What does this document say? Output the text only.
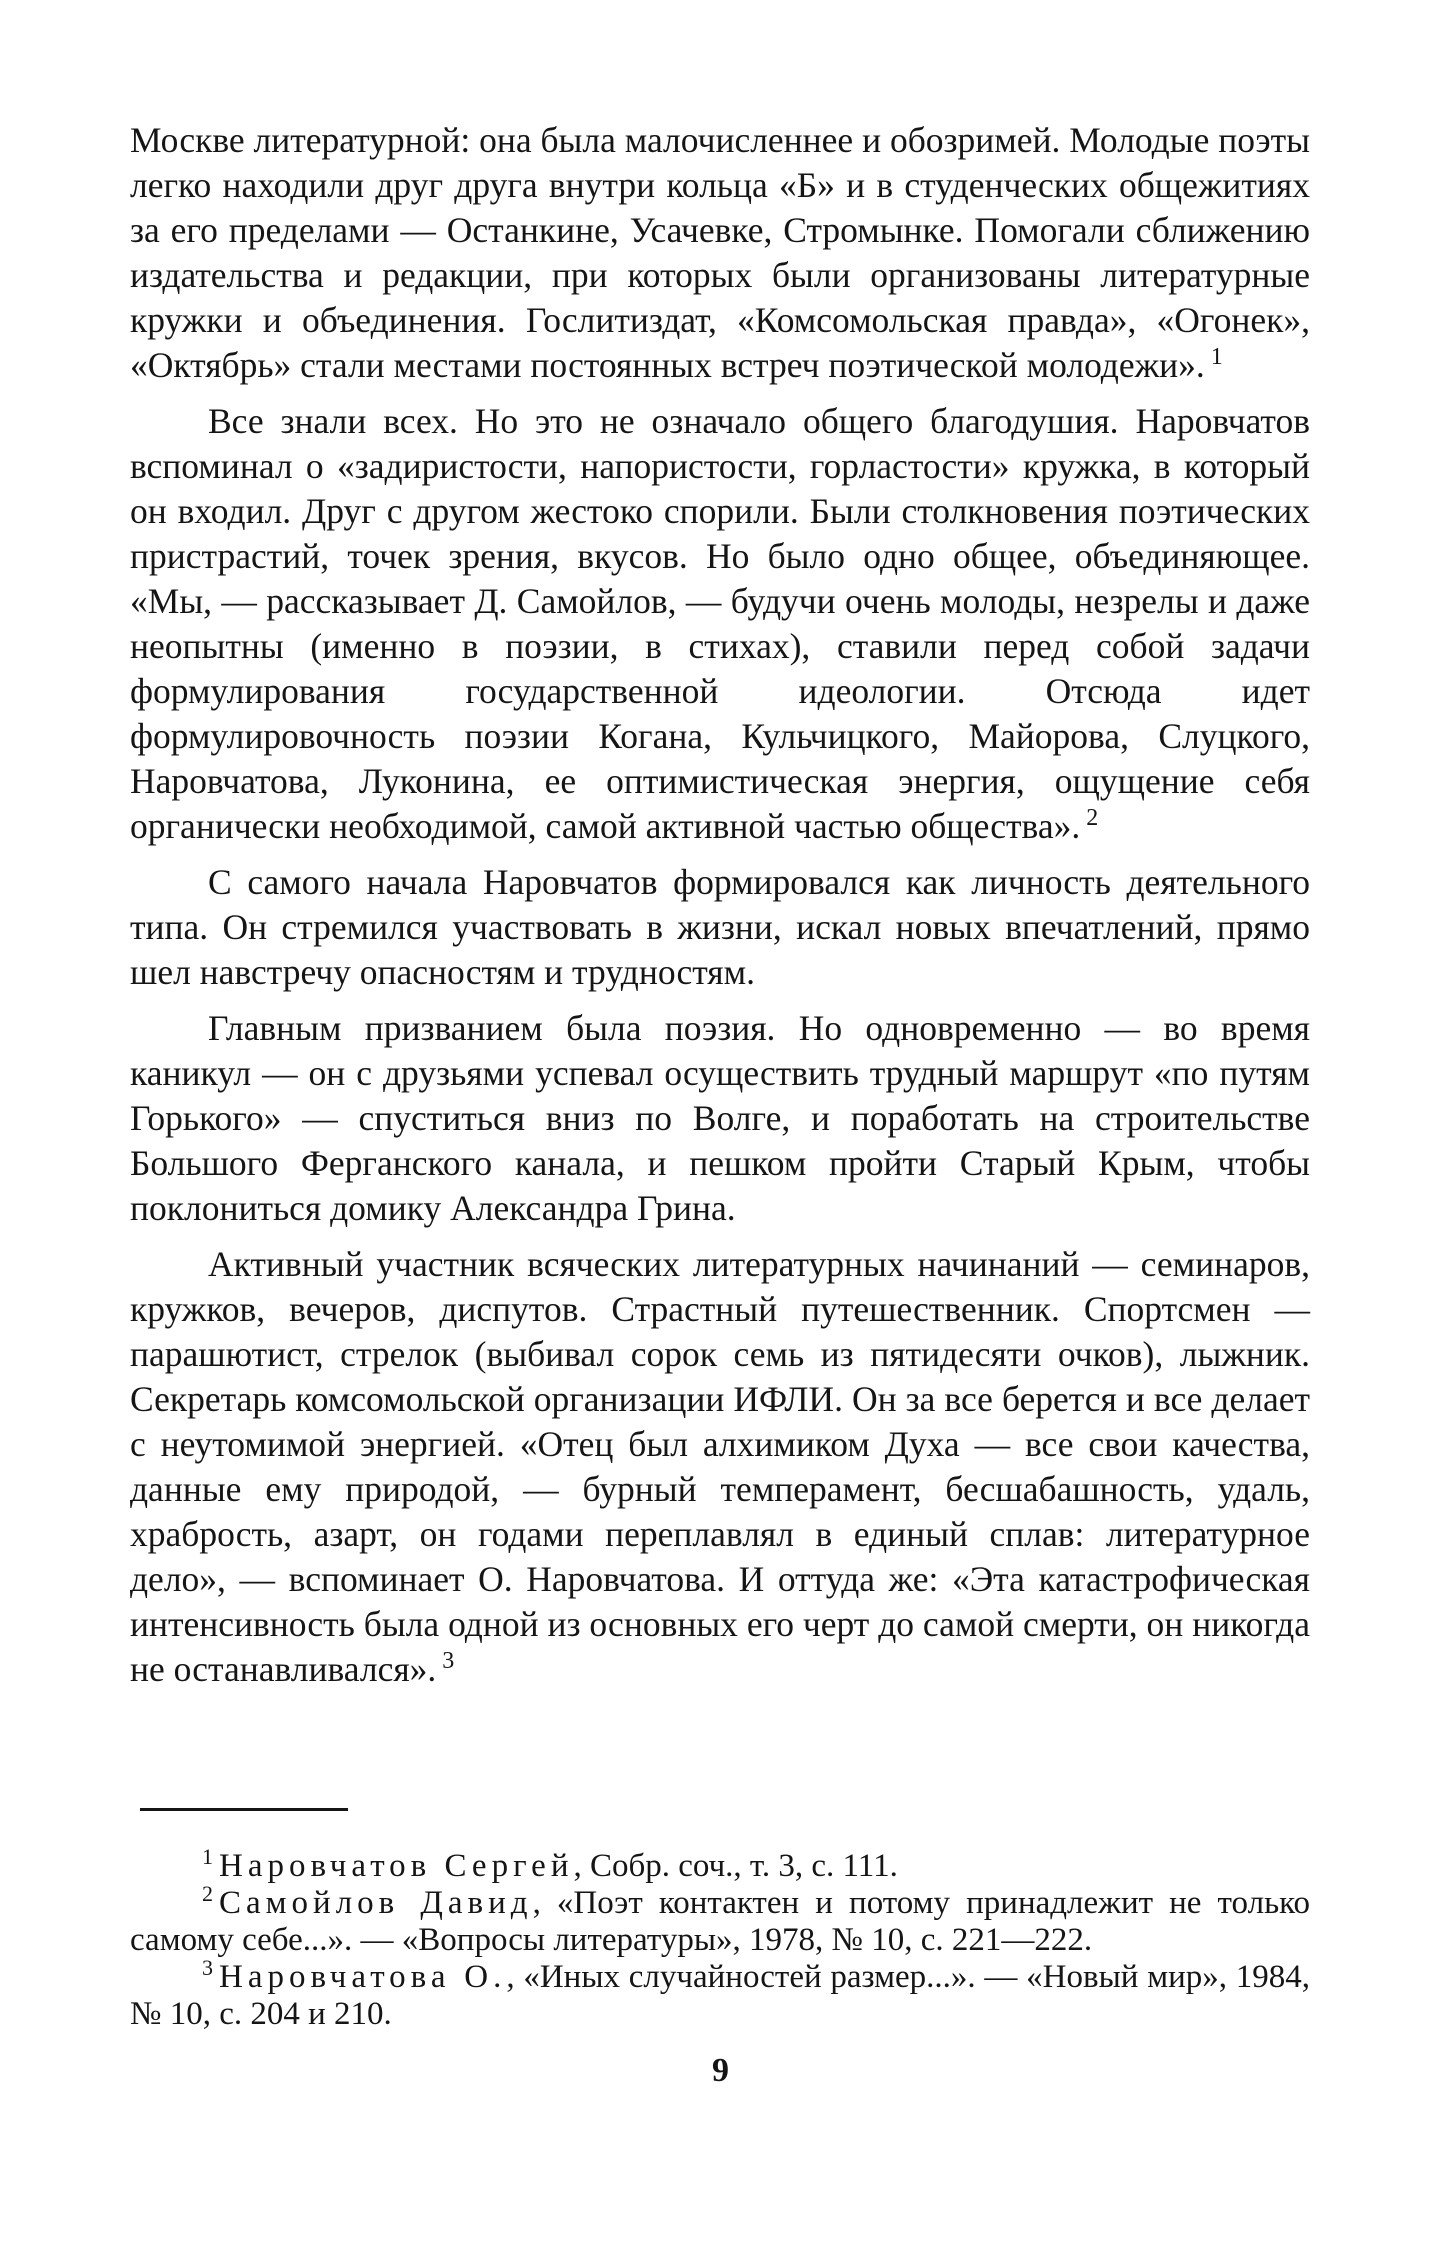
Москве литературной: она была малочисленнее и обозримей. Молодые поэты легко находили друг друга внутри кольца «Б» и в студенческих общежитиях за его пределами — Останкине, Усачевке, Стромынке. Помогали сближению издательства и редакции, при которых были организованы литературные кружки и объединения. Гослитиздат, «Комсомольская правда», «Огонек», «Октябрь» стали местами постоянных встреч поэтической молодежи». $^1$

Все знали всех. Но это не означало общего благодушия. Наровчатов вспоминал о «задиристости, напористости, горластости» кружка, в который он входил. Друг с другом жестоко спорили. Были столкновения поэтических пристрастий, точек зрения, вкусов. Но было одно общее, объединяющее. «Мы, — рассказывает Д. Самойлов, — будучи очень молоды, незрелы и даже неопытны (именно в поэзии, в стихах), ставили перед собой задачи формулирования государственной идеологии. Отсюда идет формулировочность поэзии Когана, Кульчицкого, Майорова, Слуцкого, Наровчатова, Луконина, ее оптимистическая энергия, ощущение себя органически необходимой, самой активной частью общества». $^2$

С самого начала Наровчатов формировался как личность деятельного типа. Он стремился участвовать в жизни, искал новых впечатлений, прямо шел навстречу опасностям и трудностям.

Главным призванием была поэзия. Но одновременно — во время каникул — он с друзьями успевал осуществить трудный маршрут «по путям Горького» — спуститься вниз по Волге, и поработать на строительстве Большого Ферганского канала, и пешком пройти Старый Крым, чтобы поклониться домику Александра Грина.

Активный участник всяческих литературных начинаний — семинаров, кружков, вечеров, диспутов. Страстный путешественник. Спортсмен — парашютист, стрелок (выбивал сорок семь из пятидесяти очков), лыжник. Секретарь комсомольской организации ИФЛИ. Он за все берется и все делает с неутомимой энергией. «Отец был алхимиком Духа — все свои качества, данные ему природой, — бурный темперамент, бесшабашность, удаль, храбрость, азарт, он годами переплавлял в единый сплав: литературное дело», — вспоминает О. Наровчатова. И оттуда же: «Эта катастрофическая интенсивность была одной из основных его черт до самой смерти, он никогда не останавливался». $^3$

$^1$ Наровчатов Сергей, Собр. соч., т. 3, с. 111.

$^2$ Самойлов Давид, «Поэт контактен и потому принадлежит не только самому себе...». — «Вопросы литературы», 1978, № 10, с. 221—222.

$^3$ Наровчатова О., «Иных случайностей размер...». — «Новый мир», 1984, № 10, с. 204 и 210.

9
